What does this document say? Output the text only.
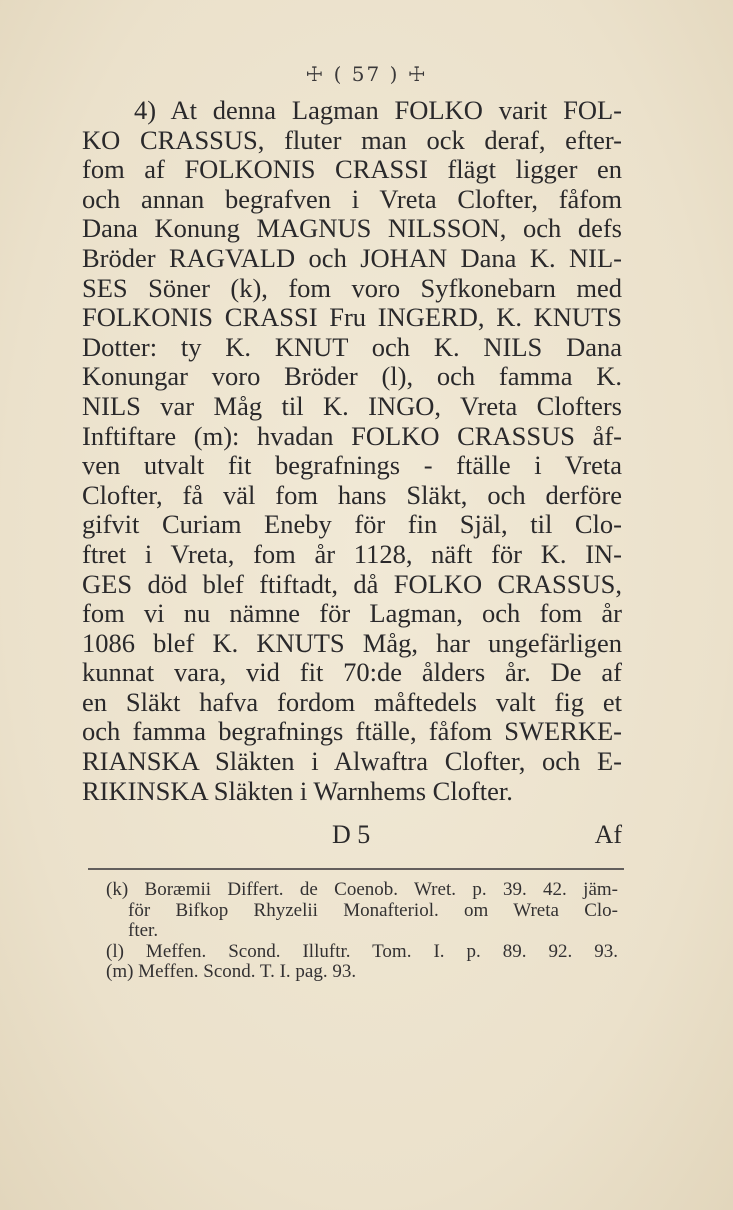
☩ ( 57 ) ☩
4) At denna Lagman FOLKO varit FOL-
KO CRASSUS, fluter man ock deraf, efter-
fom af FOLKONIS CRASSI flägt ligger en
och annan begrafven i Vreta Clofter, fåfom
Dana Konung MAGNUS NILSSON, och defs
Bröder RAGVALD och JOHAN Dana K. NIL-
SES Söner (k), fom voro Syfkonebarn med
FOLKONIS CRASSI Fru INGERD, K. KNUTS
Dotter: ty K. KNUT och K. NILS Dana
Konungar voro Bröder (l), och famma K.
NILS var Måg til K. INGO, Vreta Clofters
Inftiftare (m): hvadan FOLKO CRASSUS åf-
ven utvalt fit begrafnings - ftälle i Vreta
Clofter, få väl fom hans Släkt, och derföre
gifvit Curiam Eneby för fin Själ, til Clo-
ftret i Vreta, fom år 1128, näft för K. IN-
GES död blef ftiftadt, då FOLKO CRASSUS,
fom vi nu nämne för Lagman, och fom år
1086 blef K. KNUTS Måg, har ungefärligen
kunnat vara, vid fit 70:de ålders år. De af
en Släkt hafva fordom måftedels valt fig et
och famma begrafnings ftälle, fåfom SWERKE-
RIANSKA Släkten i Alwaftra Clofter, och E-
RIKINSKA Släkten i Warnhems Clofter.
D 5	Af
(k) Boræmii Differt. de Coenob. Wret. p. 39. 42. jäm-
för Bifkop Rhyzelii Monafteriol. om Wreta Clo-
fter.
(l) Meffen. Scond. Illuftr. Tom. I. p. 89. 92. 93.
(m) Meffen. Scond. T. I. pag. 93.
